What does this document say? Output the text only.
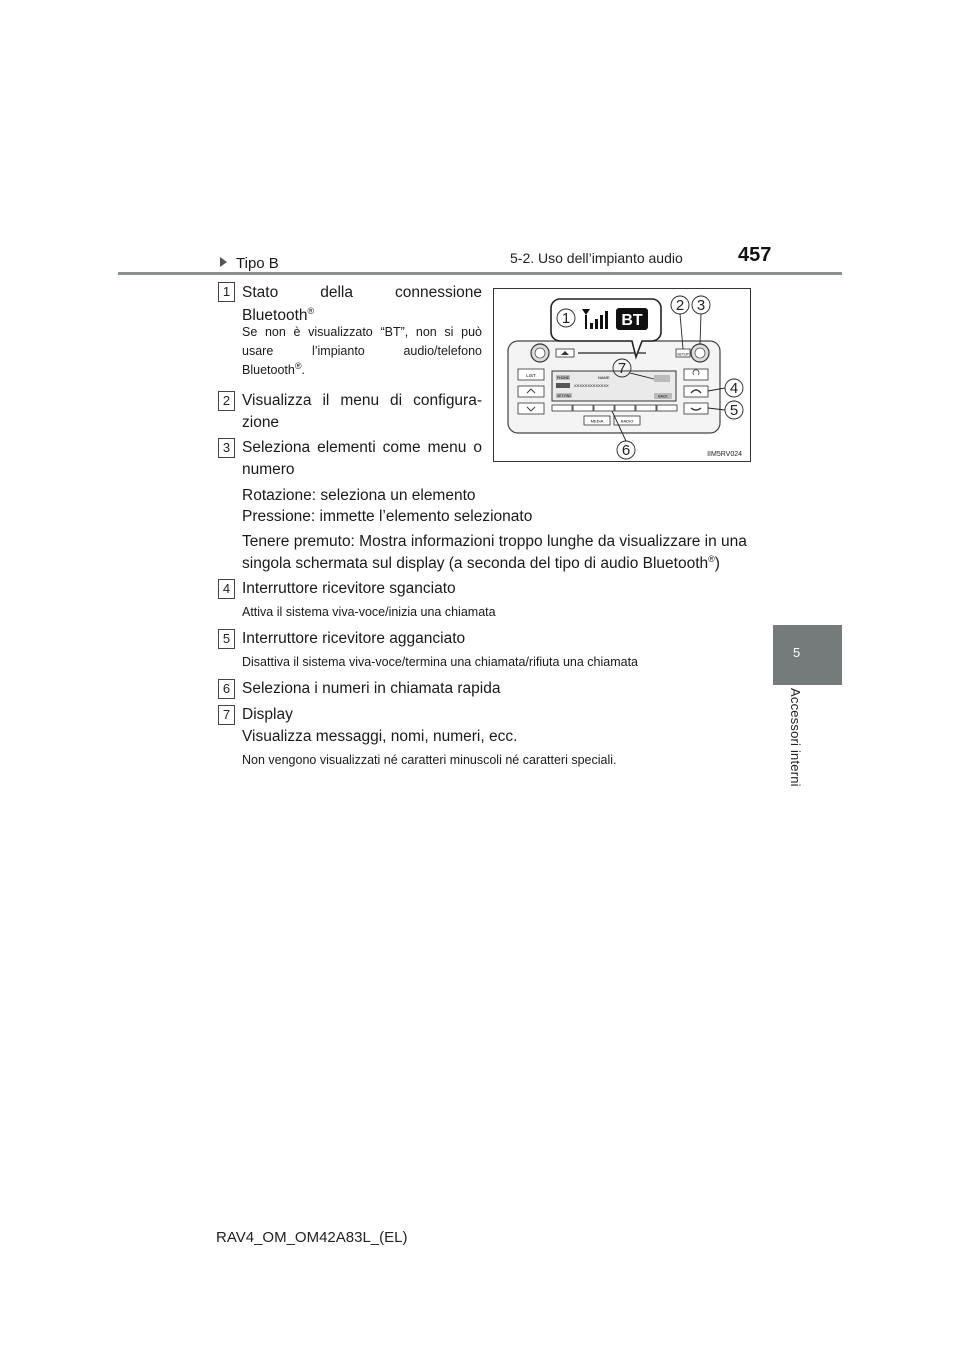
5-2. Uso dell’impianto audio	457
5
Accessori interni
Tipo B
1 Stato della connessione
Bluetooth®
Se non è visualizzato “BT”, non si può
usare l’impianto audio/telefono
Bluetooth®.
2 Visualizza il menu di configura-
zione
3 Seleziona elementi come menu o
numero
Rotazione: seleziona un elemento
Pressione: immette l’elemento selezionato
Tenere premuto: Mostra informazioni troppo lunghe da visualizzare in una
singola schermata sul display (a seconda del tipo di audio Bluetooth®)
4 Interruttore ricevitore sganciato
Attiva il sistema viva-voce/inizia una chiamata
5 Interruttore ricevitore agganciato
Disattiva il sistema viva-voce/termina una chiamata/rifiuta una chiamata
6 Seleziona i numeri in chiamata rapida
7 Display
Visualizza messaggi, nomi, numeri, ecc.
Non vengono visualizzati né caratteri minuscoli né caratteri speciali.
SETUP
LIST	PHONE	NAME
XXXXXXXXXXXXX
SET-PAD	BACK
MEDIA	RADIO
BT
1
2 3
4
5
6
7
IIM5RV024
RAV4_OM_OM42A83L_(EL)
